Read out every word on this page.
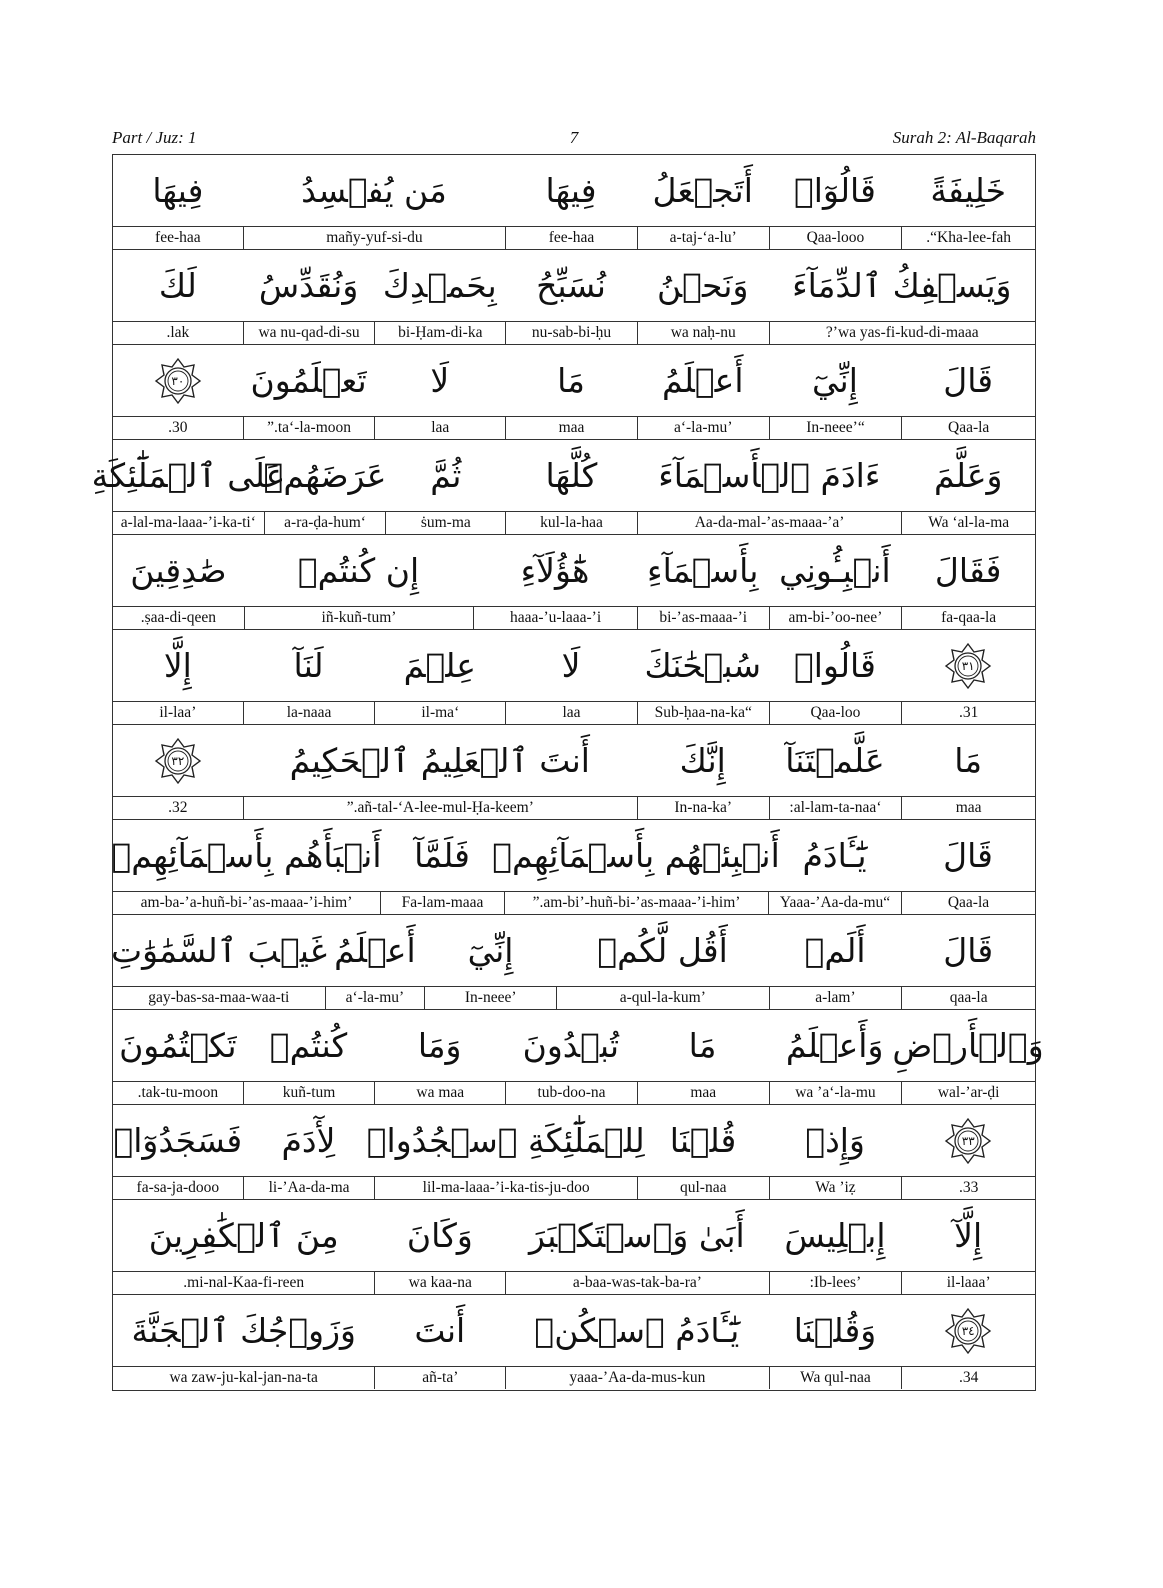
Part / Juz: 1	7	Surah 2: Al-Baqarah
خَلِيفَةً
قَالُوٓا۟
أَتَجۡعَلُ
فِيهَا
مَن يُفۡسِدُ
فِيهَا
Kha-lee-fah“.
Qaa-looo
’a-taj-‘a-lu
fee-haa
mañy-yuf-si-du
fee-haa
وَيَسۡفِكُ ٱلدِّمَآءَ
وَنَحۡنُ
نُسَبِّحُ
بِحَمۡدِكَ
وَنُقَدِّسُ
لَكَ
wa yas-fi-kud-di-maaa’?
wa naḥ-nu
nu-sab-bi-ḥu
bi-Ḥam-di-ka
wa nu-qad-di-su
lak.
قَالَ
إِنِّيٓ
أَعۡلَمُ
مَا
لَا
تَعۡلَمُونَ
٣٠
Qaa-la
“’In-neee
’a‘-la-mu
maa
laa
ta‘-la-moon.”
30.
وَعَلَّمَ
ءَادَمَ ٱلۡأَسۡمَآءَ
كُلَّهَا
ثُمَّ
عَرَضَهُمۡ
عَلَى ٱلۡمَلَٰٓئِكَةِ
Wa ‘al-la-ma
’Aa-da-mal-’as-maaa-’a
kul-la-haa
ṡum-ma
‘a-ra-ḍa-hum
‘a-lal-ma-laaa-’i-ka-ti
فَقَالَ
أَنۢبِـُٔونِي
بِأَسۡمَآءِ
هَٰٓؤُلَآءِ
إِن كُنتُمۡ
صَٰدِقِينَ
fa-qaa-la
’am-bi-’oo-nee
bi-’as-maaa-’i
haaa-’u-laaa-’i
’iñ-kuñ-tum
ṣaa-di-qeen.
٣١
قَالُوا۟
سُبۡحَٰنَكَ
لَا
عِلۡمَ
لَنَآ
إِلَّا
31.
Qaa-loo
“Sub-ḥaa-na-ka
laa
‘il-ma
la-naaa
’il-laa
مَا
عَلَّمۡتَنَآ
إِنَّكَ
أَنتَ ٱلۡعَلِيمُ ٱلۡحَكِيمُ
٣٢
maa
‘al-lam-ta-naa:
’In-na-ka
’añ-tal-‘A-lee-mul-Ḥa-keem.”
32.
قَالَ
يَٰٓـَٔادَمُ
أَنۢبِئۡهُم بِأَسۡمَآئِهِمۡ
فَلَمَّآ
أَنۢبَأَهُم بِأَسۡمَآئِهِمۡ
Qaa-la
“Yaaa-’Aa-da-mu
’am-bi’-huñ-bi-’as-maaa-’i-him.”
Fa-lam-maaa
’am-ba-’a-huñ-bi-’as-maaa-’i-him
قَالَ
أَلَمۡ
أَقُل لَّكُمۡ
إِنِّيٓ
أَعۡلَمُ
غَيۡبَ ٱلسَّمَٰوَٰتِ
qaa-la
’a-lam
’a-qul-la-kum
’In-neee
’a‘-la-mu
gay-bas-sa-maa-waa-ti
وَٱلۡأَرۡضِ
وَأَعۡلَمُ
مَا
تُبۡدُونَ
وَمَا
كُنتُمۡ
تَكۡتُمُونَ
wal-’ar-ḍi
wa ’a‘-la-mu
maa
tub-doo-na
wa maa
kuñ-tum
tak-tu-moon.
٣٣
وَإِذۡ
قُلۡنَا
لِلۡمَلَٰٓئِكَةِ ٱسۡجُدُوا۟
لِأٓدَمَ
فَسَجَدُوٓا۟
33.
Wa ’iẓ
qul-naa
lil-ma-laaa-’i-ka-tis-ju-doo
li-’Aa-da-ma
fa-sa-ja-dooo
إِلَّآ
إِبۡلِيسَ
أَبَىٰ وَٱسۡتَكۡبَرَ
وَكَانَ
مِنَ ٱلۡكَٰفِرِينَ
’il-laaa
’Ib-lees:
’a-baa-was-tak-ba-ra
wa kaa-na
mi-nal-Kaa-fi-reen.
٣٤
وَقُلۡنَا
يَٰٓـَٔادَمُ ٱسۡكُنۡ
أَنتَ
وَزَوۡجُكَ ٱلۡجَنَّةَ
34.
Wa qul-naa
yaaa-’Aa-da-mus-kun
’añ-ta
wa zaw-ju-kal-jan-na-ta
